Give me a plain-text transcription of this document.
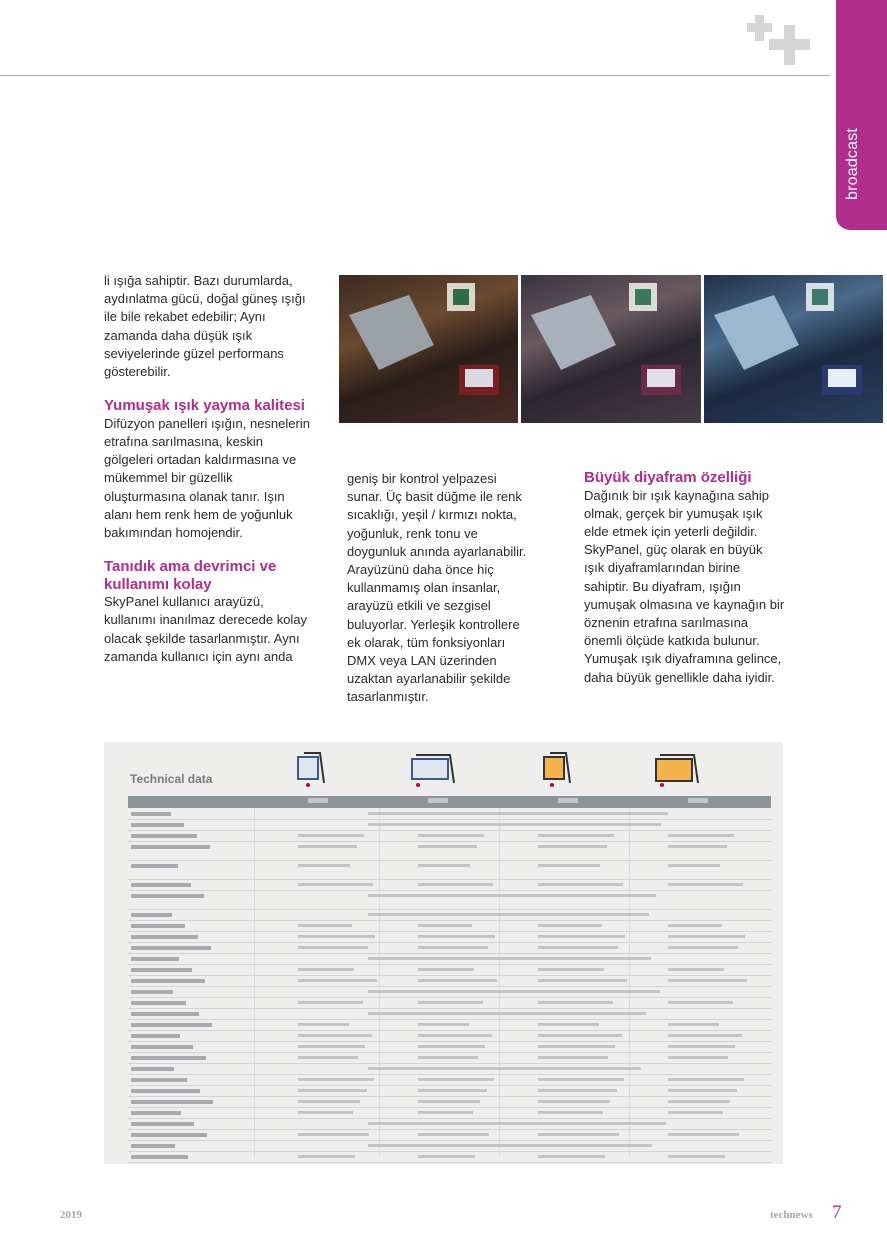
broadcast

li ışığa sahiptir. Bazı durumlarda, aydınlatma gücü, doğal güneş ışığı ile bile rekabet edebilir; Aynı zamanda daha düşük ışık seviyelerinde güzel performans gösterebilir.

Yumuşak ışık yayma kalitesi

Difüzyon panelleri ışığın, nesnelerin etrafına sarılmasına, keskin gölgeleri ortadan kaldırmasına ve mükemmel bir güzellik oluşturmasına olanak tanır. Işın alanı hem renk hem de yoğunluk bakımından homojendir.

Tanıdık ama devrimci ve kullanımı kolay

SkyPanel kullanıcı arayüzü, kullanımı inanılmaz derecede kolay olacak şekilde tasarlanmıştır. Aynı zamanda kullanıcı için aynı anda

geniş bir kontrol yelpazesi sunar. Üç basit düğme ile renk sıcaklığı, yeşil / kırmızı nokta, yoğunluk, renk tonu ve doygunluk anında ayarlanabilir. Arayüzünü daha önce hiç kullanmamış olan insanlar, arayüzü etkili ve sezgisel buluyorlar. Yerleşik kontrollere ek olarak, tüm fonksiyonları DMX veya LAN üzerinden uzaktan ayarlanabilir şekilde tasarlanmıştır.

Büyük diyafram özelliği

Dağınık bir ışık kaynağına sahip olmak, gerçek bir yumuşak ışık elde etmek için yeterli değildir. SkyPanel, güç olarak en büyük ışık diyaframlarından birine sahiptir. Bu diyafram, ışığın yumuşak olmasına ve kaynağın bir öznenin etrafına sarılmasına önemli ölçüde katkıda bulunur. Yumuşak ışık diyaframına gelince, daha büyük genellikle daha iyidir.

Technical data
2019	technews 7
